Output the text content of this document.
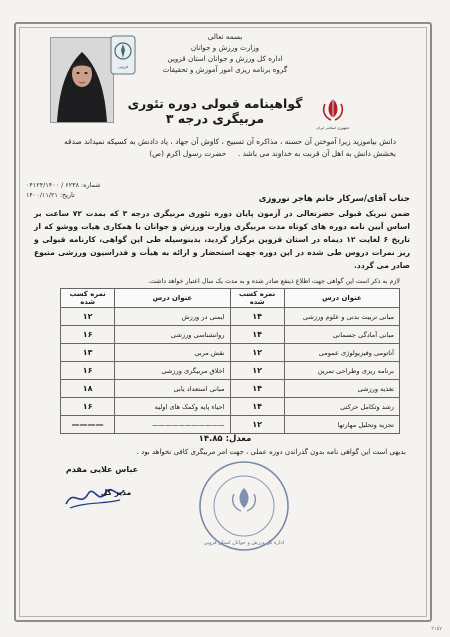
قزوین
بسمه تعالی
وزارت ورزش و جوانان
اداره کل ورزش و جوانان استان قزوین
گروه برنامه ریزی امور آموزش و تحقیقات
گواهینامه قبولی دوره تئوری مربیگری درجه ۳
جمهوری اسلامی ایران
دانش بیاموزید زیرا آموختن آن حسنه ، مذاکره آن تسبیح ، کاوش آن جهاد ، یاد دادنش به کسیکه نمیداند صدقه
بخشش دانش به اهل آن قربت به خداوند می باشد .     حضرت رسول اکرم (ص)
شماره: ۶۲۳۸ / ۰۴۱۲۴/۱۴۰۰
تاریخ: ۱۴۰۰/۱۱/۲۱	جناب آقای/سرکار خانم هاجر نوروزی
ضمن تبریک قبولی حضرتعالی در آزمون پایان دوره تئوری مربیگری درجه ۳ که بمدت ۷۲ ساعت بر اساس آیین نامه دوره های کوتاه مدت مربیگری وزارت ورزش و جوانان با همکاری هیات ووشو که از تاریخ ۶ لغایت ۱۲ دیماه در استان قزوین برگزار گردید، بدینوسیله طی این گواهی، کارنامه قبولی و ریز نمرات دروس طی شده در این دوره جهت استحضار و ارائه به هیأت و فدراسیون ورزشی متبوع صادر می گردد.
لازم به ذکر است این گواهی جهت اطلاع ذینفع صادر شده و به مدت یک سال اعتبار خواهد داشت.
عنوان درس	نمره کسب شده	عنوان درس	نمره کسب شده
مبانی تربیت بدنی و علوم ورزشی	۱۴	ایمنی در ورزش	۱۲
مبانی آمادگی جسمانی	۱۴	روانشناسی ورزشی	۱۶
آناتومی وفیزیولوژی عمومی	۱۲	نقش مربی	۱۳
برنامه ریزی وطراحی تمرین	۱۲	اخلاق مربیگری ورزشی	۱۶
تغذیه ورزشی	۱۴	مبانی استعداد یابی	۱۸
رشد وتکامل حرکتی	۱۴	احیاء پایه وکمک های اولیه	۱۶
تجزیه وتحلیل مهارتها	۱۲	———————————	————
معدل: ۱۴.۸۵
بدیهی است این گواهی نامه بدون گذراندن دوره عملی ، جهت امر مربیگری کافی نخواهد بود .
عباس علایی مقدم
مدیر کل
اداره کل ورزش و جوانان استان قزوین
۲۱۵۷
